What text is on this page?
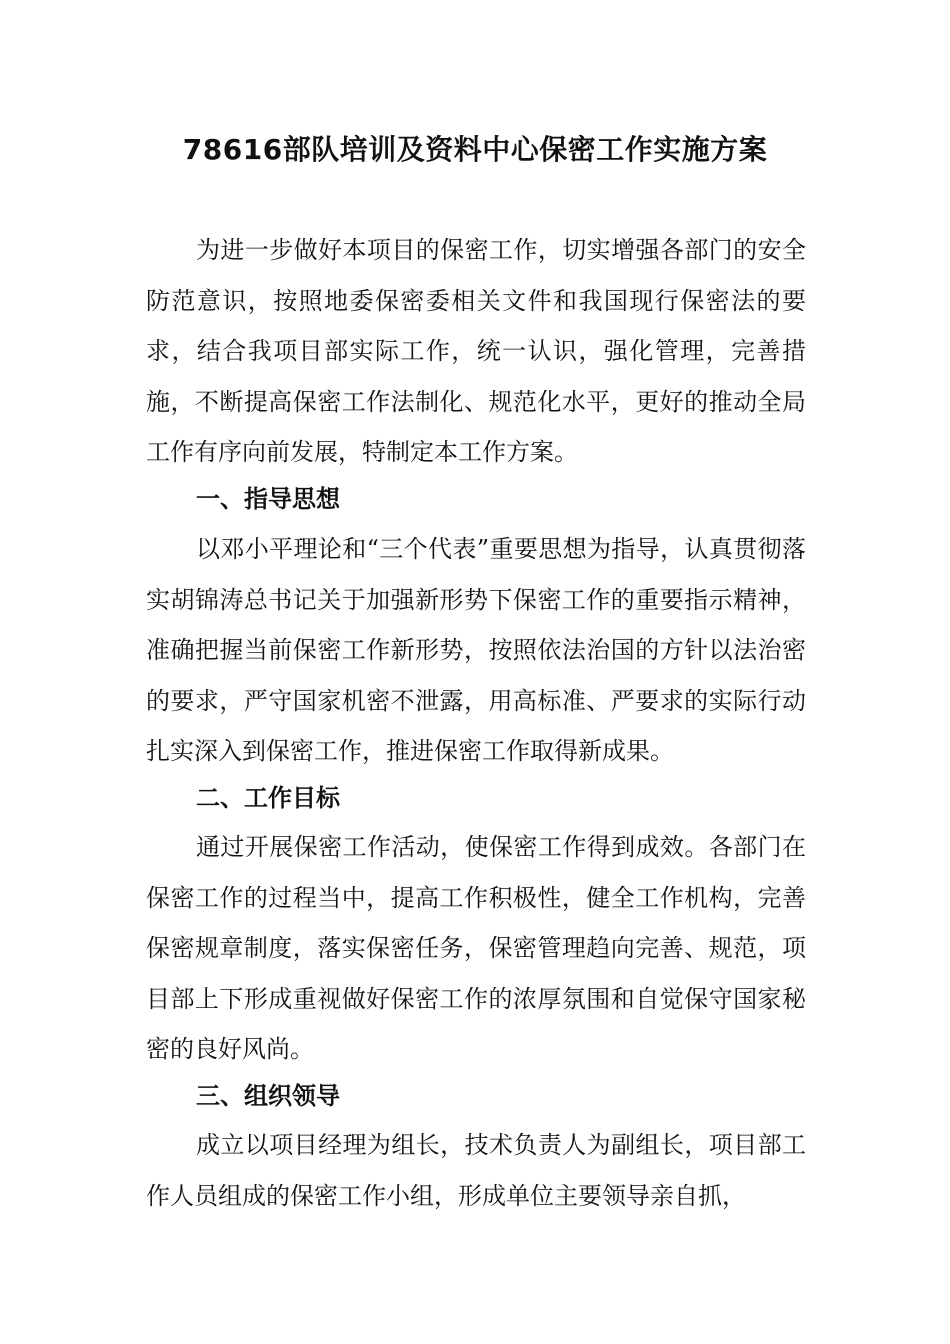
78616部队培训及资料中心保密工作实施方案

为进一步做好本项目的保密工作，切实增强各部门的安全防范意识，按照地委保密委相关文件和我国现行保密法的要求，结合我项目部实际工作，统一认识，强化管理，完善措施，不断提高保密工作法制化、规范化水平，更好的推动全局工作有序向前发展，特制定本工作方案。

一、指导思想

以邓小平理论和“三个代表”重要思想为指导，认真贯彻落实胡锦涛总书记关于加强新形势下保密工作的重要指示精神，准确把握当前保密工作新形势，按照依法治国的方针以法治密的要求，严守国家机密不泄露，用高标准、严要求的实际行动扎实深入到保密工作，推进保密工作取得新成果。

二、工作目标

通过开展保密工作活动，使保密工作得到成效。各部门在保密工作的过程当中，提高工作积极性，健全工作机构，完善保密规章制度，落实保密任务，保密管理趋向完善、规范，项目部上下形成重视做好保密工作的浓厚氛围和自觉保守国家秘密的良好风尚。

三、组织领导

成立以项目经理为组长，技术负责人为副组长，项目部工作人员组成的保密工作小组，形成单位主要领导亲自抓，
